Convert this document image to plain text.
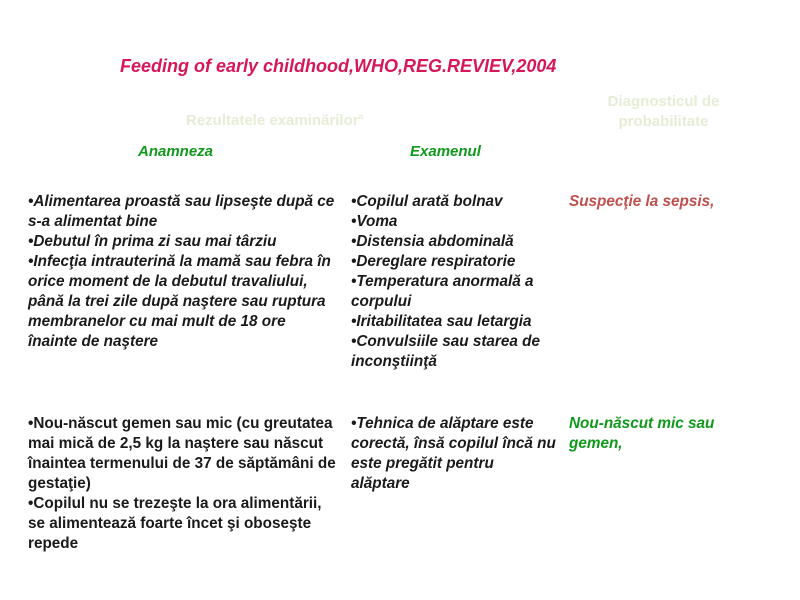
Feeding of early childhood,WHO,REG.REVIEV,2004
Rezultatele examinărilor$^a$
Diagnosticul de
probabilitate
Anamneza	Examenul
•Alimentarea proastă sau lipseşte după ce s-a alimentat bine
•Debutul în prima zi sau mai târziu
•Infecţia intrauterină la mamă sau febra în orice moment de la debutul travaliului, până la trei zile după naştere sau ruptura membranelor cu mai mult de 18 ore înainte de naştere
•Copilul arată bolnav
•Voma
•Distensia abdominală
•Dereglare respiratorie
•Temperatura anormală a corpului
•Iritabilitatea sau letargia
•Convulsiile sau starea de inconştiinţă
Suspecţie la sepsis,
•Nou-născut gemen sau mic (cu greutatea mai mică de 2,5 kg la naştere sau născut înaintea termenului de 37 de săptămâni de gestaţie)
•Copilul nu se trezeşte la ora alimentării, se alimentează foarte încet şi oboseşte repede
•Tehnica de alăptare este corectă, însă copilul încă nu este pregătit pentru alăptare
Nou-născut mic sau gemen,
